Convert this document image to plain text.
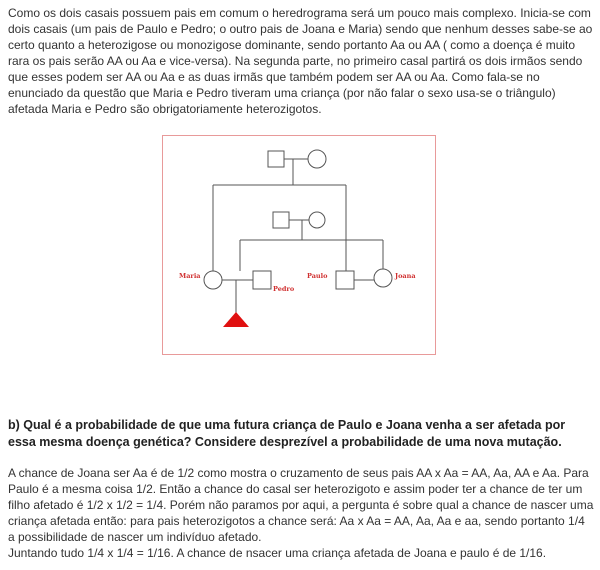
Como os dois casais possuem pais em comum o heredrograma será um pouco mais complexo. Inicia-se com dois casais (um pais de Paulo e Pedro; o outro pais de Joana e Maria) sendo que nenhum desses sabe-se ao certo quanto a heterozigose ou monozigose dominante, sendo portanto Aa ou AA ( como a doença é muito rara os pais serão AA ou Aa e vice-versa). Na segunda parte, no primeiro casal partirá os dois irmãos sendo que esses podem ser AA ou Aa e as duas irmãs que também podem ser AA ou Aa. Como fala-se no enunciado da questão que Maria e Pedro tiveram uma criança (por não falar o sexo usa-se o triângulo) afetada Maria e Pedro são obrigatoriamente heterozigotos.

Maria
Pedro
Paulo	Joana

b) Qual é a probabilidade de que uma futura criança de Paulo e Joana venha a ser afetada por essa mesma doença genética? Considere desprezível a probabilidade de uma nova mutação.

A chance de Joana ser Aa é de 1/2 como mostra o cruzamento de seus pais AA x Aa = AA, Aa, AA e Aa. Para Paulo é a mesma coisa 1/2. Então a chance do casal ser heterozigoto e assim poder ter a chance de ter um filho afetado é 1/2 x 1/2 = 1/4. Porém não paramos por aqui, a pergunta é sobre qual a chance de nascer uma criança afetada então: para pais heterozigotos a chance será: Aa x Aa = AA, Aa, Aa e aa, sendo portanto 1/4 a possibilidade de nascer um indivíduo afetado.
Juntando tudo 1/4 x 1/4 = 1/16. A chance de nsacer uma criança afetada de Joana e paulo é de 1/16.
